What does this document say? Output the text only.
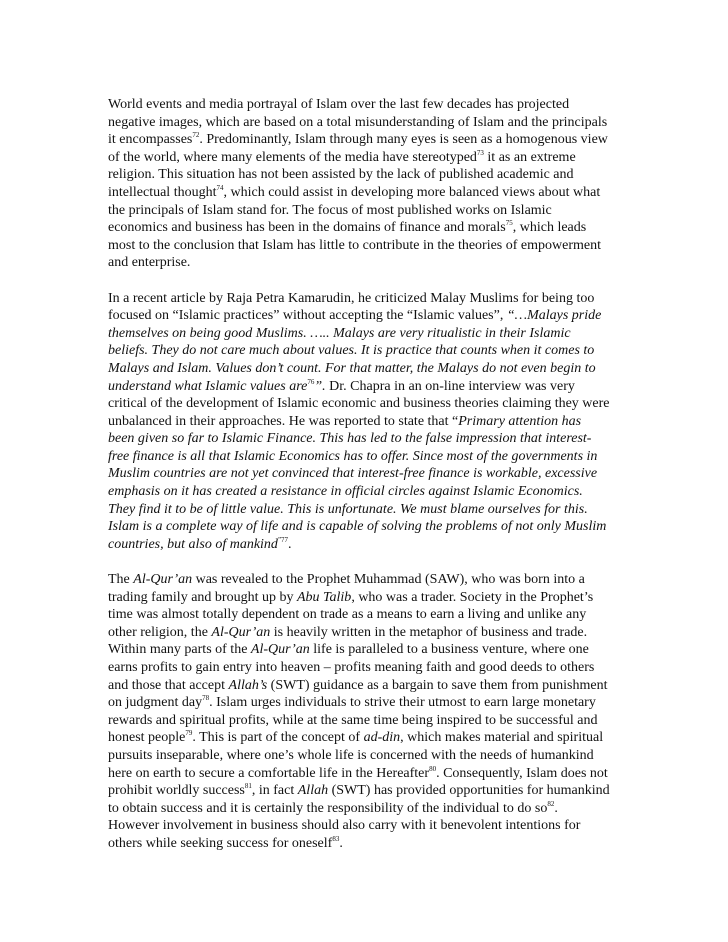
World events and media portrayal of Islam over the last few decades has projected
negative images, which are based on a total misunderstanding of Islam and the principals
it encompasses$^{72}$. Predominantly, Islam through many eyes is seen as a homogenous view
of the world, where many elements of the media have stereotyped$^{73}$ it as an extreme
religion. This situation has not been assisted by the lack of published academic and
intellectual thought$^{74}$, which could assist in developing more balanced views about what
the principals of Islam stand for. The focus of most published works on Islamic
economics and business has been in the domains of finance and morals$^{75}$, which leads
most to the conclusion that Islam has little to contribute in the theories of empowerment
and enterprise.

In a recent article by Raja Petra Kamarudin, he criticized Malay Muslims for being too
focused on “Islamic practices” without accepting the “Islamic values”, “…Malays pride
themselves on being good Muslims. ….. Malays are very ritualistic in their Islamic
beliefs. They do not care much about values. It is practice that counts when it comes to
Malays and Islam. Values don’t count. For that matter, the Malays do not even begin to
understand what Islamic values are$^{76}$”. Dr. Chapra in an on-line interview was very
critical of the development of Islamic economic and business theories claiming they were
unbalanced in their approaches. He was reported to state that “Primary attention has
been given so far to Islamic Finance. This has led to the false impression that interest-
free finance is all that Islamic Economics has to offer. Since most of the governments in
Muslim countries are not yet convinced that interest-free finance is workable, excessive
emphasis on it has created a resistance in official circles against Islamic Economics.
They find it to be of little value. This is unfortunate. We must blame ourselves for this.
Islam is a complete way of life and is capable of solving the problems of not only Muslim
countries, but also of mankind$^{”77}$.

The Al-Qur’an was revealed to the Prophet Muhammad (SAW), who was born into a
trading family and brought up by Abu Talib, who was a trader. Society in the Prophet’s
time was almost totally dependent on trade as a means to earn a living and unlike any
other religion, the Al-Qur’an is heavily written in the metaphor of business and trade.
Within many parts of the Al-Qur’an life is paralleled to a business venture, where one
earns profits to gain entry into heaven – profits meaning faith and good deeds to others
and those that accept Allah’s (SWT) guidance as a bargain to save them from punishment
on judgment day$^{78}$. Islam urges individuals to strive their utmost to earn large monetary
rewards and spiritual profits, while at the same time being inspired to be successful and
honest people$^{79}$. This is part of the concept of ad-din, which makes material and spiritual
pursuits inseparable, where one’s whole life is concerned with the needs of humankind
here on earth to secure a comfortable life in the Hereafter$^{80}$. Consequently, Islam does not
prohibit worldly success$^{81}$, in fact Allah (SWT) has provided opportunities for humankind
to obtain success and it is certainly the responsibility of the individual to do $so^{82}$.
However involvement in business should also carry with it benevolent intentions for
others while seeking success for oneself$^{83}$.
